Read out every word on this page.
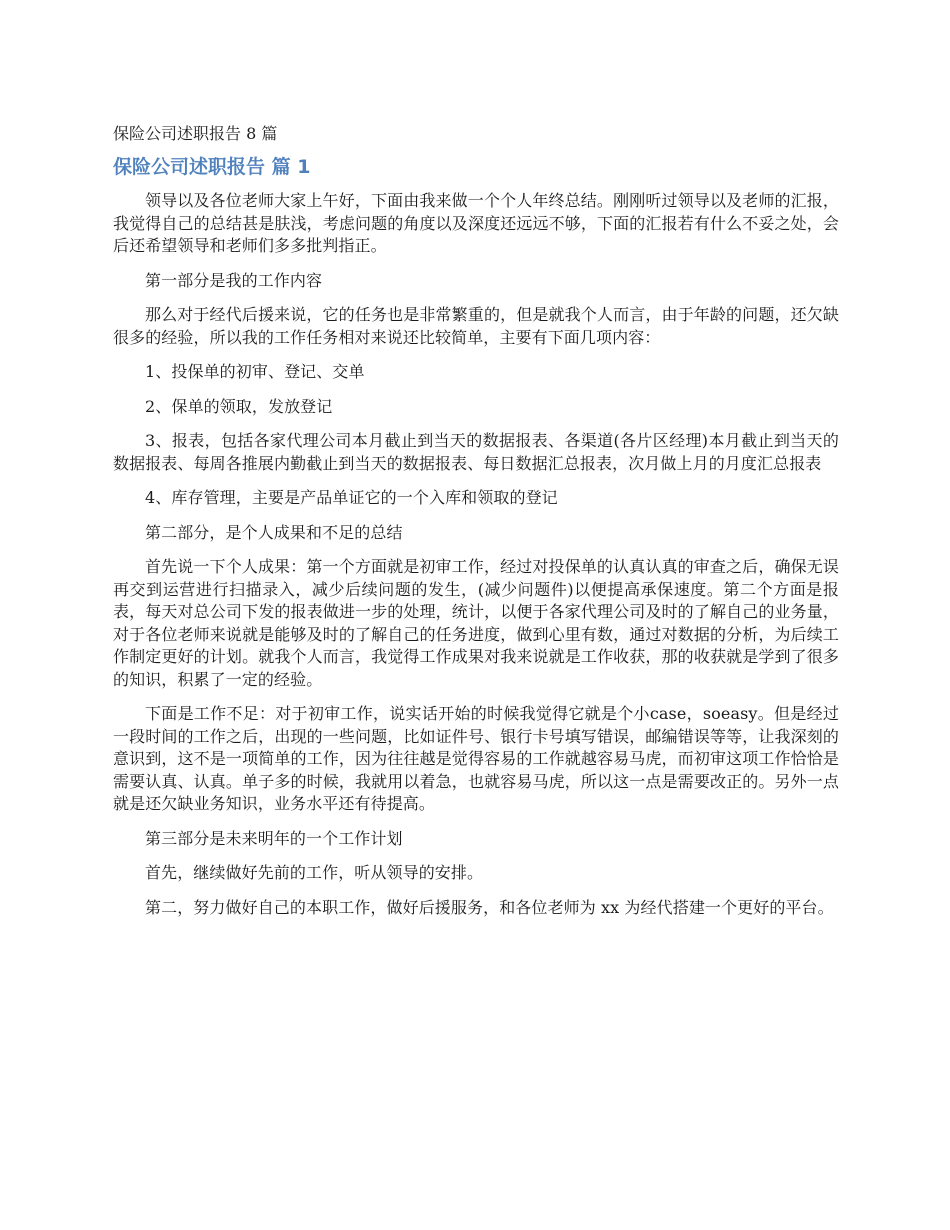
保险公司述职报告 8 篇
保险公司述职报告 篇 1

领导以及各位老师大家上午好，下面由我来做一个个人年终总结。刚刚听过领导以及老师的汇报，我觉得自己的总结甚是肤浅，考虑问题的角度以及深度还远远不够，下面的汇报若有什么不妥之处，会后还希望领导和老师们多多批判指正。

第一部分是我的工作内容

那么对于经代后援来说，它的任务也是非常繁重的，但是就我个人而言，由于年龄的问题，还欠缺很多的经验，所以我的工作任务相对来说还比较简单，主要有下面几项内容：

1、投保单的初审、登记、交单

2、保单的领取，发放登记

3、报表，包括各家代理公司本月截止到当天的数据报表、各渠道(各片区经理)本月截止到当天的数据报表、每周各推展内勤截止到当天的数据报表、每日数据汇总报表，次月做上月的月度汇总报表

4、库存管理，主要是产品单证它的一个入库和领取的登记

第二部分，是个人成果和不足的总结

首先说一下个人成果：第一个方面就是初审工作，经过对投保单的认真认真的审查之后，确保无误再交到运营进行扫描录入，减少后续问题的发生，(减少问题件)以便提高承保速度。第二个方面是报表，每天对总公司下发的报表做进一步的处理，统计，以便于各家代理公司及时的了解自己的业务量，对于各位老师来说就是能够及时的了解自己的任务进度，做到心里有数，通过对数据的分析，为后续工作制定更好的计划。就我个人而言，我觉得工作成果对我来说就是工作收获，那的收获就是学到了很多的知识，积累了一定的经验。

下面是工作不足：对于初审工作，说实话开始的时候我觉得它就是个小case，soeasy。但是经过一段时间的工作之后，出现的一些问题，比如证件号、银行卡号填写错误，邮编错误等等，让我深刻的意识到，这不是一项简单的工作，因为往往越是觉得容易的工作就越容易马虎，而初审这项工作恰恰是需要认真、认真。单子多的时候，我就用以着急，也就容易马虎，所以这一点是需要改正的。另外一点就是还欠缺业务知识，业务水平还有待提高。

第三部分是未来明年的一个工作计划

首先，继续做好先前的工作，听从领导的安排。

第二，努力做好自己的本职工作，做好后援服务，和各位老师为 xx 为经代搭建一个更好的平台。
